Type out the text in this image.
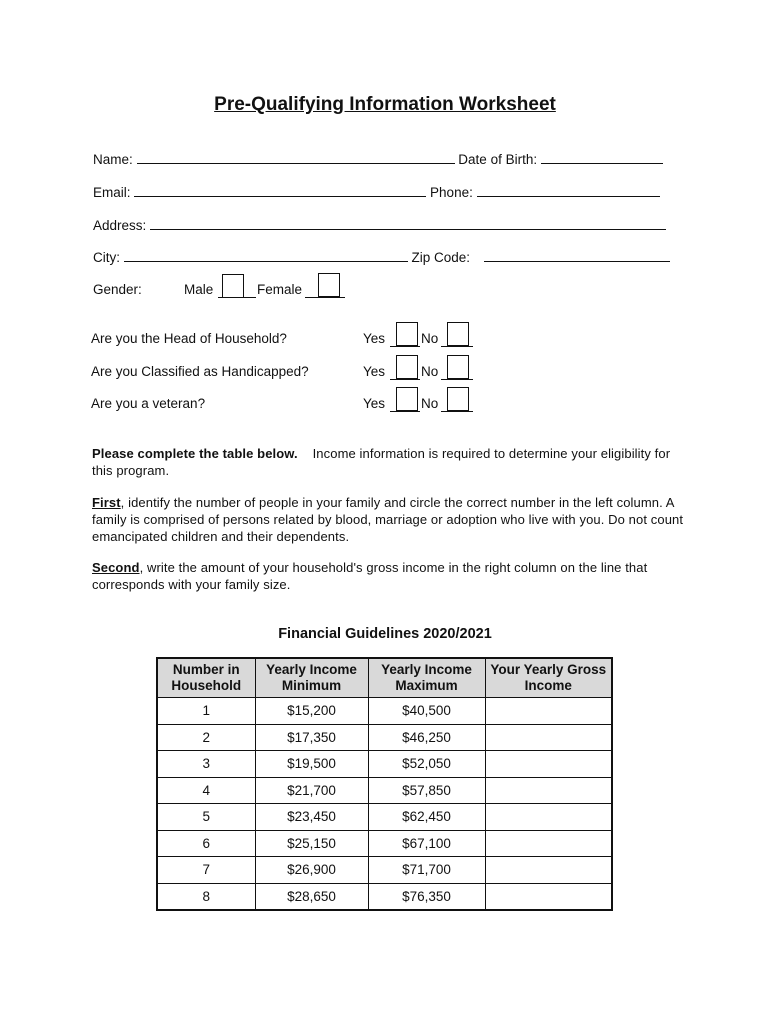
Pre-Qualifying Information Worksheet
Name:	Date of Birth:
Email:	Phone:
Address:
City:	Zip Code:
Gender:	Male	Female
Are you the Head of Household?	Yes	No
Are you Classified as Handicapped?	Yes	No
Are you a veteran?	Yes	No
Please complete the table below. Income information is required to determine your eligibility for this program.
First, identify the number of people in your family and circle the correct number in the left column. A family is comprised of persons related by blood, marriage or adoption who live with you. Do not count emancipated children and their dependents.
Second, write the amount of your household's gross income in the right column on the line that corresponds with your family size.
Financial Guidelines 2020/2021
Number in Household	Yearly Income Minimum	Yearly Income Maximum	Your Yearly Gross Income
1	$15,200	$40,500	
2	$17,350	$46,250	
3	$19,500	$52,050	
4	$21,700	$57,850	
5	$23,450	$62,450	
6	$25,150	$67,100	
7	$26,900	$71,700	
8	$28,650	$76,350	
